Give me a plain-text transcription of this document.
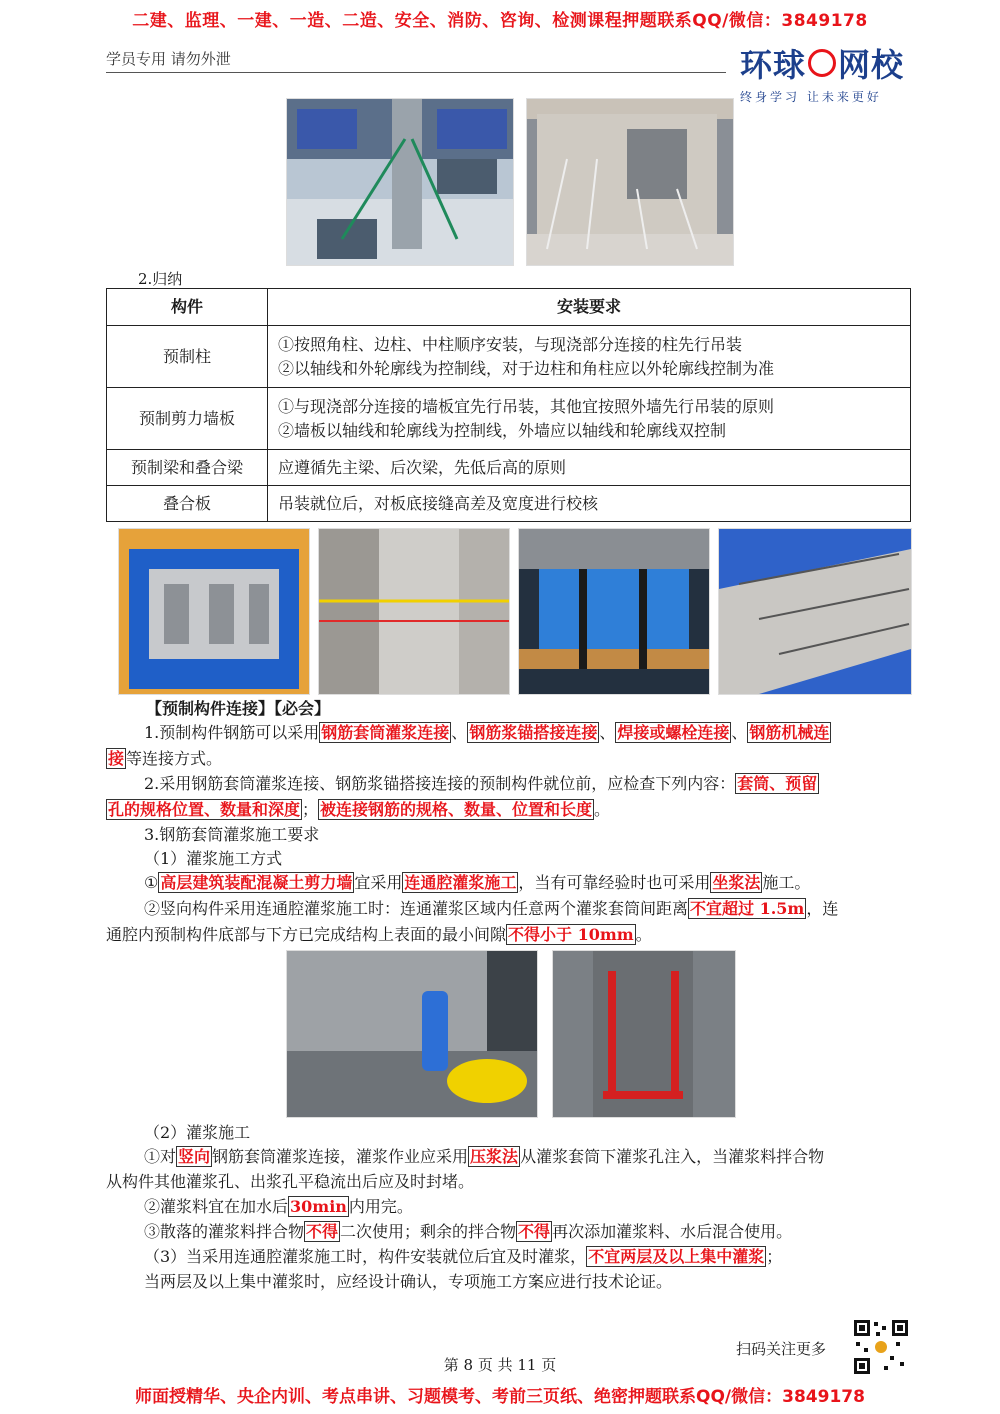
二建、监理、一建、一造、二造、安全、消防、咨询、检测课程押题联系QQ/微信：3849178
学员专用 请勿外泄	环球 网校
终身学习 让未来更好
2.归纳
构件	安装要求
预制柱	①按照角柱、边柱、中柱顺序安装，与现浇部分连接的柱先行吊装
②以轴线和外轮廓线为控制线，对于边柱和角柱应以外轮廓线控制为准

预制剪力墙板	①与现浇部分连接的墙板宜先行吊装，其他宜按照外墙先行吊装的原则
②墙板以轴线和轮廓线为控制线，外墙应以轴线和轮廓线双控制

预制梁和叠合梁	应遵循先主梁、后次梁，先低后高的原则
叠合板	吊装就位后，对板底接缝高差及宽度进行校核
【预制构件连接】【必会】
1.预制构件钢筋可以采用 钢筋套筒灌浆连接 、 钢筋浆锚搭接连接 、 焊接或螺栓连接 、 钢筋机械连
接 等连接方式。
2.采用钢筋套筒灌浆连接、钢筋浆锚搭接连接的预制构件就位前，应检查下列内容： 套筒、预留
孔的规格位置、数量和深度 ； 被连接钢筋的规格、数量、位置和长度 。
3.钢筋套筒灌浆施工要求
（1）灌浆施工方式
① 高层建筑装配混凝土剪力墙 宜采用 连通腔灌浆施工 ，当有可靠经验时也可采用 坐浆法 施工。
②竖向构件采用连通腔灌浆施工时：连通灌浆区域内任意两个灌浆套筒间距离 不宜超过 1.5m ，连
通腔内预制构件底部与下方已完成结构上表面的最小间隙 不得小于 10mm 。
（2）灌浆施工
①对 竖向 钢筋套筒灌浆连接，灌浆作业应采用 压浆法 从灌浆套筒下灌浆孔注入，当灌浆料拌合物
从构件其他灌浆孔、出浆孔平稳流出后应及时封堵。
②灌浆料宜在加水后 30min 内用完。
③散落的灌浆料拌合物 不得 二次使用；剩余的拌合物 不得 再次添加灌浆料、水后混合使用。
（3）当采用连通腔灌浆施工时，构件安装就位后宜及时灌浆， 不宜两层及以上集中灌浆 ；
当两层及以上集中灌浆时，应经设计确认，专项施工方案应进行技术论证。
扫码关注更多
第 8 页 共 11 页
师面授精华、央企内训、考点串讲、习题模考、考前三页纸、绝密押题联系QQ/微信：3849178
